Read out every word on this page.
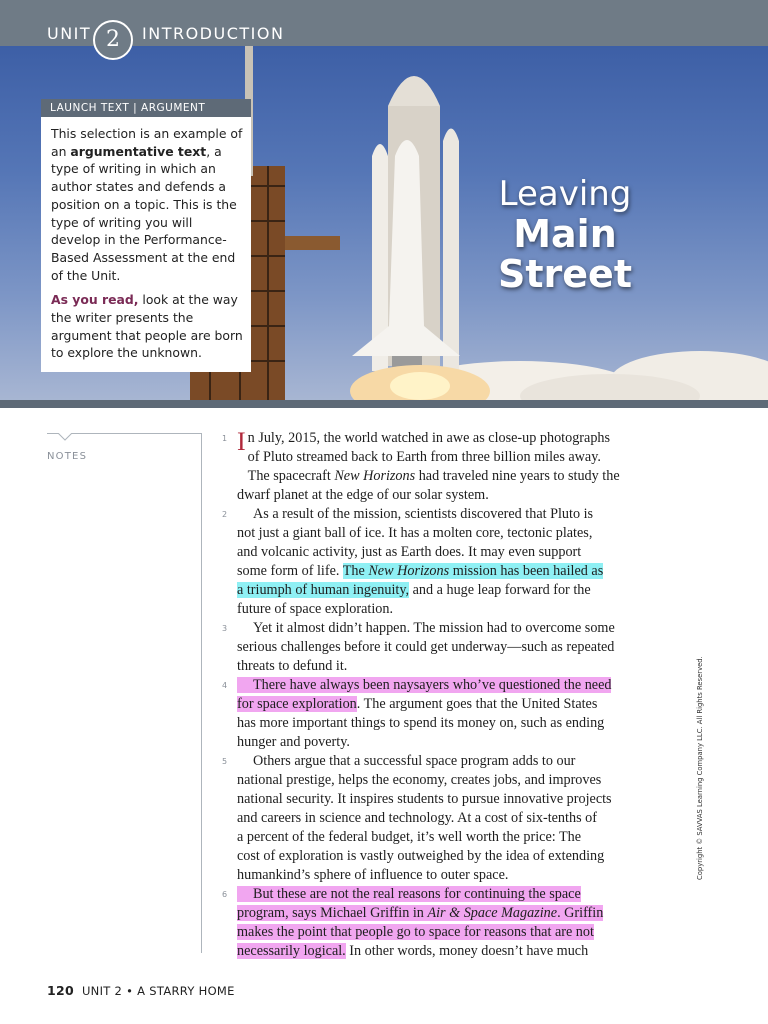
UNIT	INTRODUCTION
2
Leaving
Main
Street
LAUNCH TEXT | ARGUMENT

This selection is an example of an argumentative text, a type of writing in which an author states and defends a position on a topic. This is the type of writing you will develop in the Performance-Based Assessment at the end of the Unit.

As you read, look at the way the writer presents the argument that people are born to explore the unknown.

NOTES
1
2
3
4
5
6
I n July, 2015, the world watched in awe as close-up photographs
of Pluto streamed back to Earth from three billion miles away.
The spacecraft New Horizons had traveled nine years to study the
dwarf planet at the edge of our solar system.
As a result of the mission, scientists discovered that Pluto is
not just a giant ball of ice. It has a molten core, tectonic plates,
and volcanic activity, just as Earth does. It may even support
some form of life. The New Horizons mission has been hailed as
a triumph of human ingenuity, and a huge leap forward for the
future of space exploration.
Yet it almost didn’t happen. The mission had to overcome some
serious challenges before it could get underway—such as repeated
threats to defund it.
There have always been naysayers who’ve questioned the need
for space exploration. The argument goes that the United States
has more important things to spend its money on, such as ending
hunger and poverty.
Others argue that a successful space program adds to our
national prestige, helps the economy, creates jobs, and improves
national security. It inspires students to pursue innovative projects
and careers in science and technology. At a cost of six-tenths of
a percent of the federal budget, it’s well worth the price: The
cost of exploration is vastly outweighed by the idea of extending
humankind’s sphere of influence to outer space.
But these are not the real reasons for continuing the space
program, says Michael Griffin in Air & Space Magazine. Griffin
makes the point that people go to space for reasons that are not
necessarily logical. In other words, money doesn’t have much
Copyright © SAVVAS Learning Company LLC. All Rights Reserved.
120 UNIT 2 • A STARRY HOME
